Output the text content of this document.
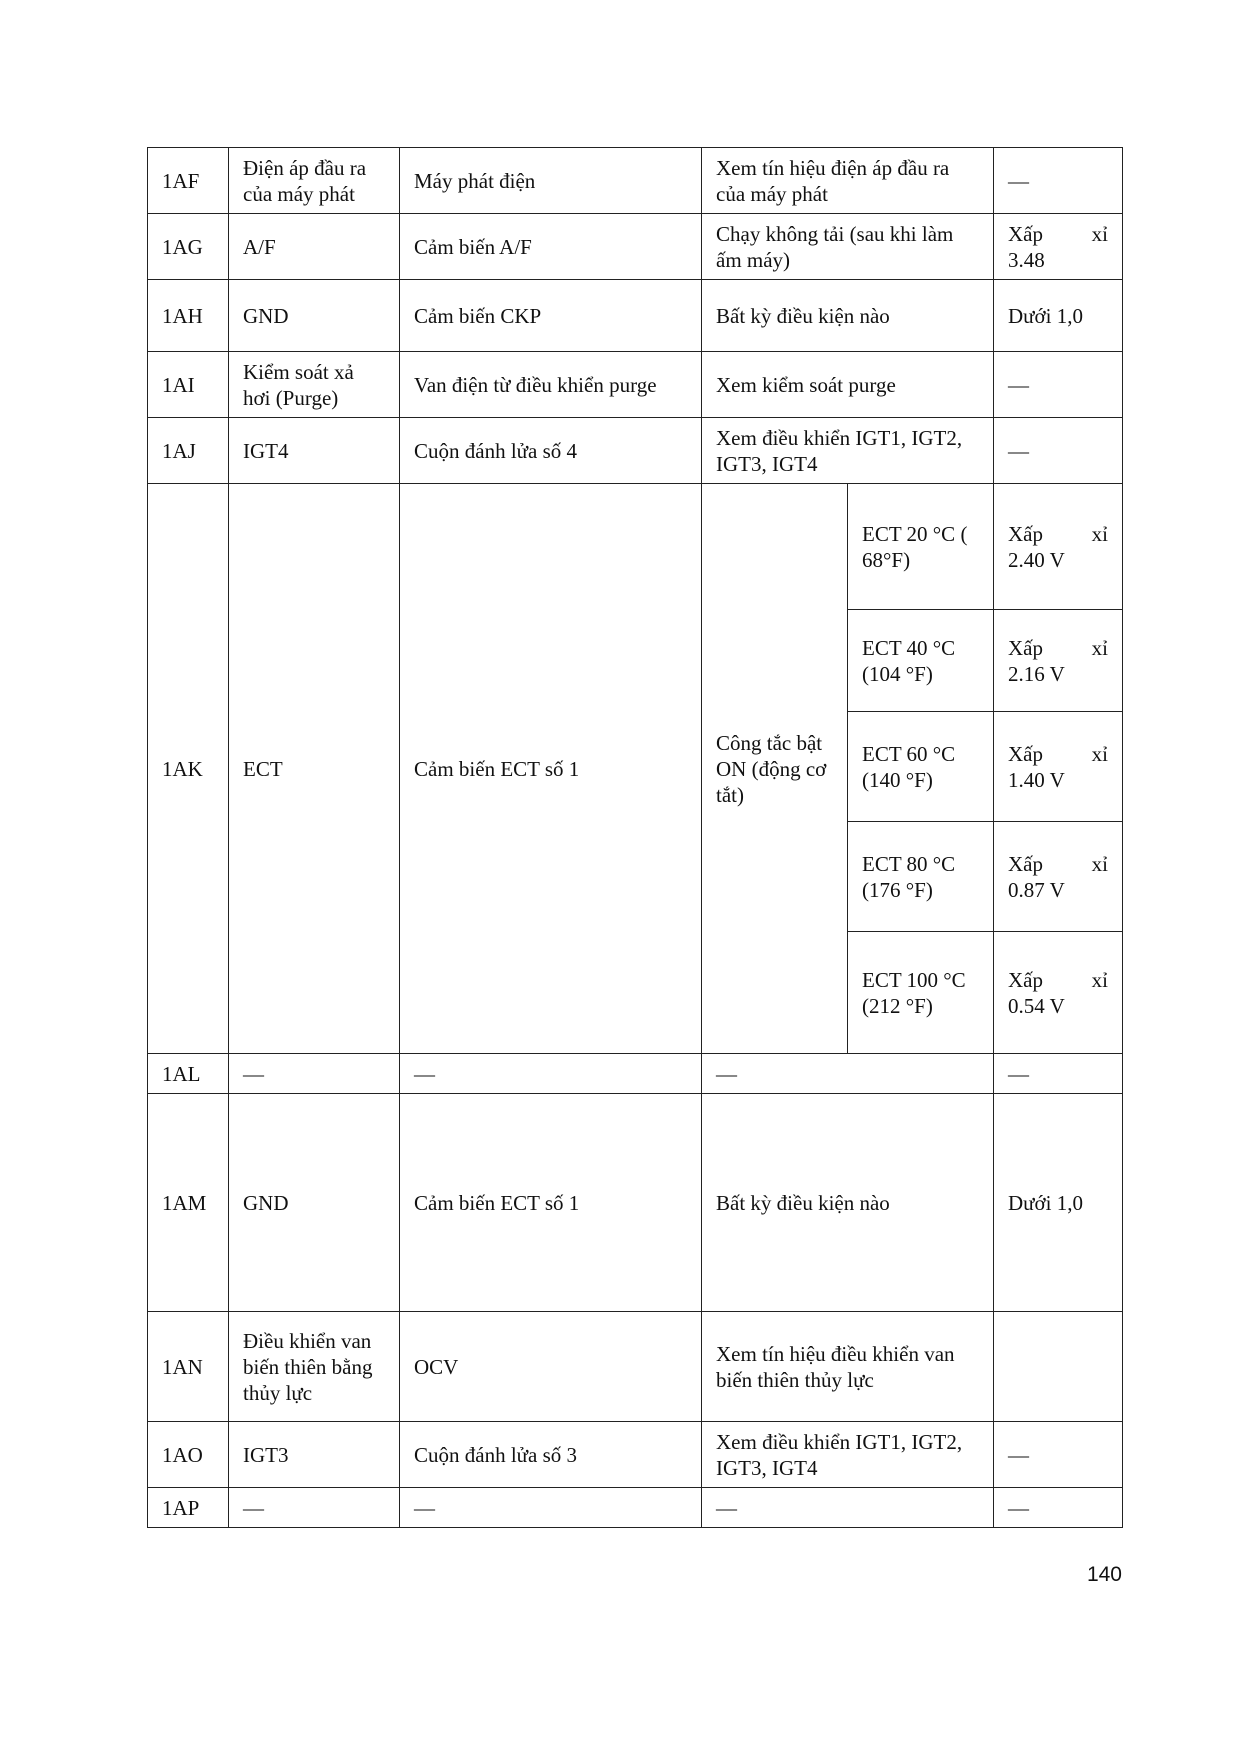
1AF	Điện áp đầu ra của máy phát	Máy phát điện	Xem tín hiệu điện áp đầu ra của máy phát		—
1AG	A/F	Cảm biến A/F	Chạy không tải (sau khi làm ấm máy)		Xấp xỉ
3.48

1AH	GND	Cảm biến CKP	Bất kỳ điều kiện nào		Dưới 1,0
1AI	Kiểm soát xả hơi (Purge)	Van điện từ điều khiển purge	Xem kiểm soát purge		—
1AJ	IGT4	Cuộn đánh lửa số 4	Xem điều khiển IGT1, IGT2, IGT3, IGT4		—
1AK	ECT	Cảm biến ECT số 1	Công tắc bật ON (động cơ tắt)	ECT 20 °C ( 68°F)	Xấp xỉ
2.40 V

				ECT 40 °C (104 °F)	Xấp xỉ
2.16 V

				ECT 60 °C (140 °F)	Xấp xỉ
1.40 V

				ECT 80 °C (176 °F)	Xấp xỉ
0.87 V

				ECT 100 °C (212 °F)	Xấp xỉ
0.54 V

1AL	—	—	—		—
1AM	GND	Cảm biến ECT số 1	Bất kỳ điều kiện nào		Dưới 1,0
1AN	Điều khiển van biến thiên bằng thủy lực	OCV	Xem tín hiệu điều khiển van biến thiên thủy lực		
1AO	IGT3	Cuộn đánh lửa số 3	Xem điều khiển IGT1, IGT2, IGT3, IGT4		—
1AP	—	—	—		—
140
